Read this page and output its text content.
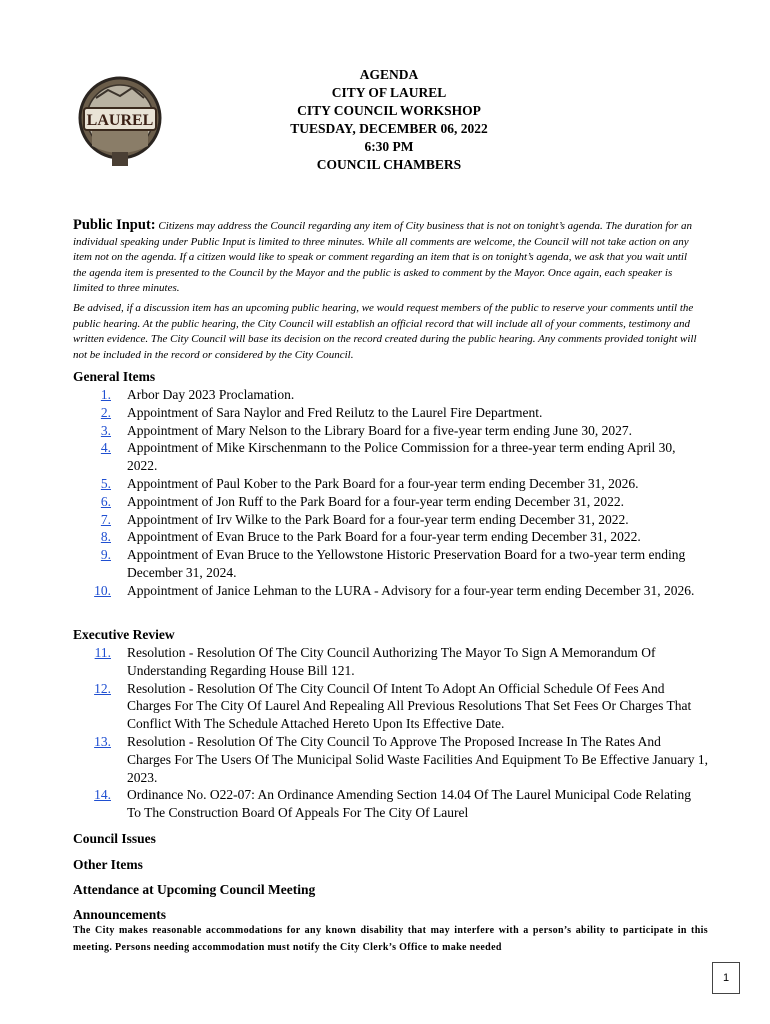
LAUREL
AGENDA
CITY OF LAUREL
CITY COUNCIL WORKSHOP
TUESDAY, DECEMBER 06, 2022
6:30 PM
COUNCIL CHAMBERS
Public Input: Citizens may address the Council regarding any item of City business that is not on tonight’s agenda. The duration for an individual speaking under Public Input is limited to three minutes. While all comments are welcome, the Council will not take action on any item not on the agenda. If a citizen would like to speak or comment regarding an item that is on tonight’s agenda, we ask that you wait until the agenda item is presented to the Council by the Mayor and the public is asked to comment by the Mayor. Once again, each speaker is limited to three minutes.
Be advised, if a discussion item has an upcoming public hearing, we would request members of the public to reserve your comments until the public hearing. At the public hearing, the City Council will establish an official record that will include all of your comments, testimony and written evidence. The City Council will base its decision on the record created during the public hearing. Any comments provided tonight will not be included in the record or considered by the City Council.
General Items
1.	Arbor Day 2023 Proclamation.
2.	Appointment of Sara Naylor and Fred Reilutz to the Laurel Fire Department.
3.	Appointment of Mary Nelson to the Library Board for a five-year term ending June 30, 2027.
4.	Appointment of Mike Kirschenmann to the Police Commission for a three-year term ending April 30, 2022.
5.	Appointment of Paul Kober to the Park Board for a four-year term ending December 31, 2026.
6.	Appointment of Jon Ruff to the Park Board for a four-year term ending December 31, 2022.
7.	Appointment of Irv Wilke to the Park Board for a four-year term ending December 31, 2022.
8.	Appointment of Evan Bruce to the Park Board for a four-year term ending December 31, 2022.
9.	Appointment of Evan Bruce to the Yellowstone Historic Preservation Board for a two-year term ending December 31, 2024.
10.	Appointment of Janice Lehman to the LURA - Advisory for a four-year term ending December 31, 2026.
Executive Review
11.	Resolution - Resolution Of The City Council Authorizing The Mayor To Sign A Memorandum Of Understanding Regarding House Bill 121.
12.	Resolution - Resolution Of The City Council Of Intent To Adopt An Official Schedule Of Fees And Charges For The City Of Laurel And Repealing All Previous Resolutions That Set Fees Or Charges That Conflict With The Schedule Attached Hereto Upon Its Effective Date.
13.	Resolution - Resolution Of The City Council To Approve The Proposed Increase In The Rates And Charges For The Users Of The Municipal Solid Waste Facilities And Equipment To Be Effective January 1, 2023.
14.	Ordinance No. O22-07: An Ordinance Amending Section 14.04 Of The Laurel Municipal Code Relating To The Construction Board Of Appeals For The City Of Laurel
Council Issues
Other Items
Attendance at Upcoming Council Meeting
Announcements
The City makes reasonable accommodations for any known disability that may interfere with a person’s ability to participate in this meeting. Persons needing accommodation must notify the City Clerk’s Office to make needed
1
